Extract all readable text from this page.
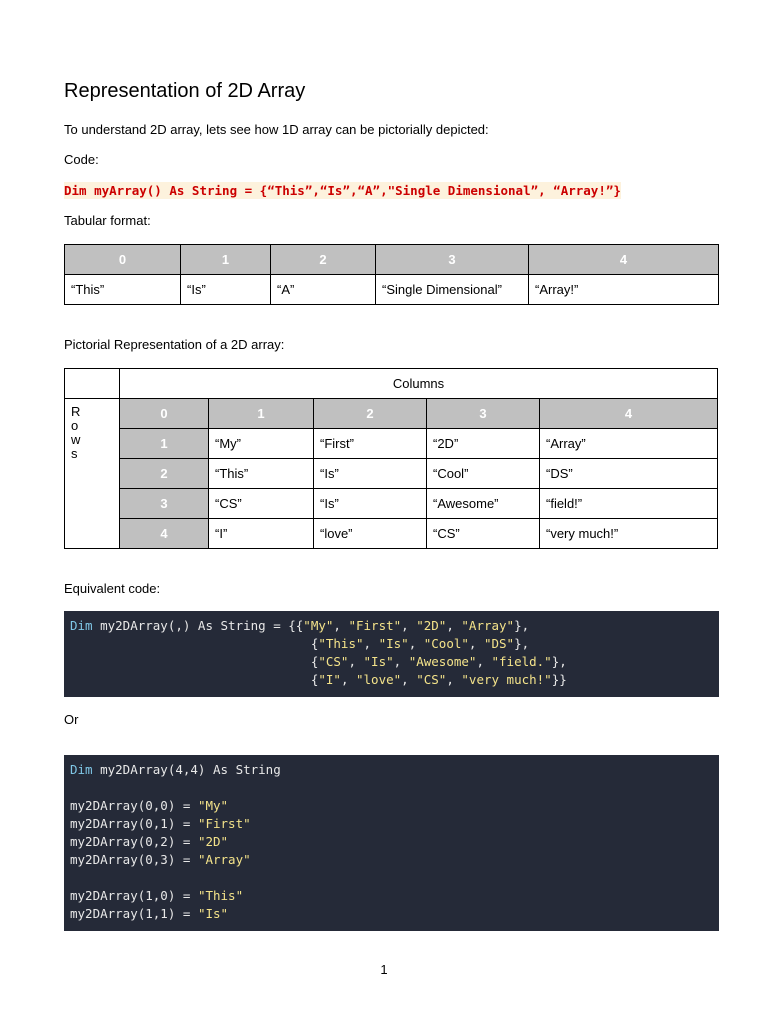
Representation of 2D Array
To understand 2D array, lets see how 1D array can be pictorially depicted:
Code:
Dim myArray() As String = {“This”,“Is”,“A”,"Single Dimensional”, “Array!”}
Tabular format:
0	1	2	3	4
“This”	“Is”	“A”	“Single Dimensional”	“Array!”
Pictorial Representation of a 2D array:
	Columns				

R
o
w
s	0	1	2	3	4
	1	“My”	“First”	“2D”	“Array”
	2	“This”	“Is”	“Cool”	“DS”
	3	“CS”	“Is”	“Awesome”	“field!”
	4	“I”	“love”	“CS”	“very much!”
Equivalent code:
Dim my2DArray(,) As String = {{"My", "First", "2D", "Array"},
{"This", "Is", "Cool", "DS"},
{"CS", "Is", "Awesome", "field."},
{"I", "love", "CS", "very much!"}}
Or
Dim my2DArray(4,4) As String

my2DArray(0,0) = "My"
my2DArray(0,1) = "First"
my2DArray(0,2) = "2D"
my2DArray(0,3) = "Array"

my2DArray(1,0) = "This"
my2DArray(1,1) = "Is"
1
